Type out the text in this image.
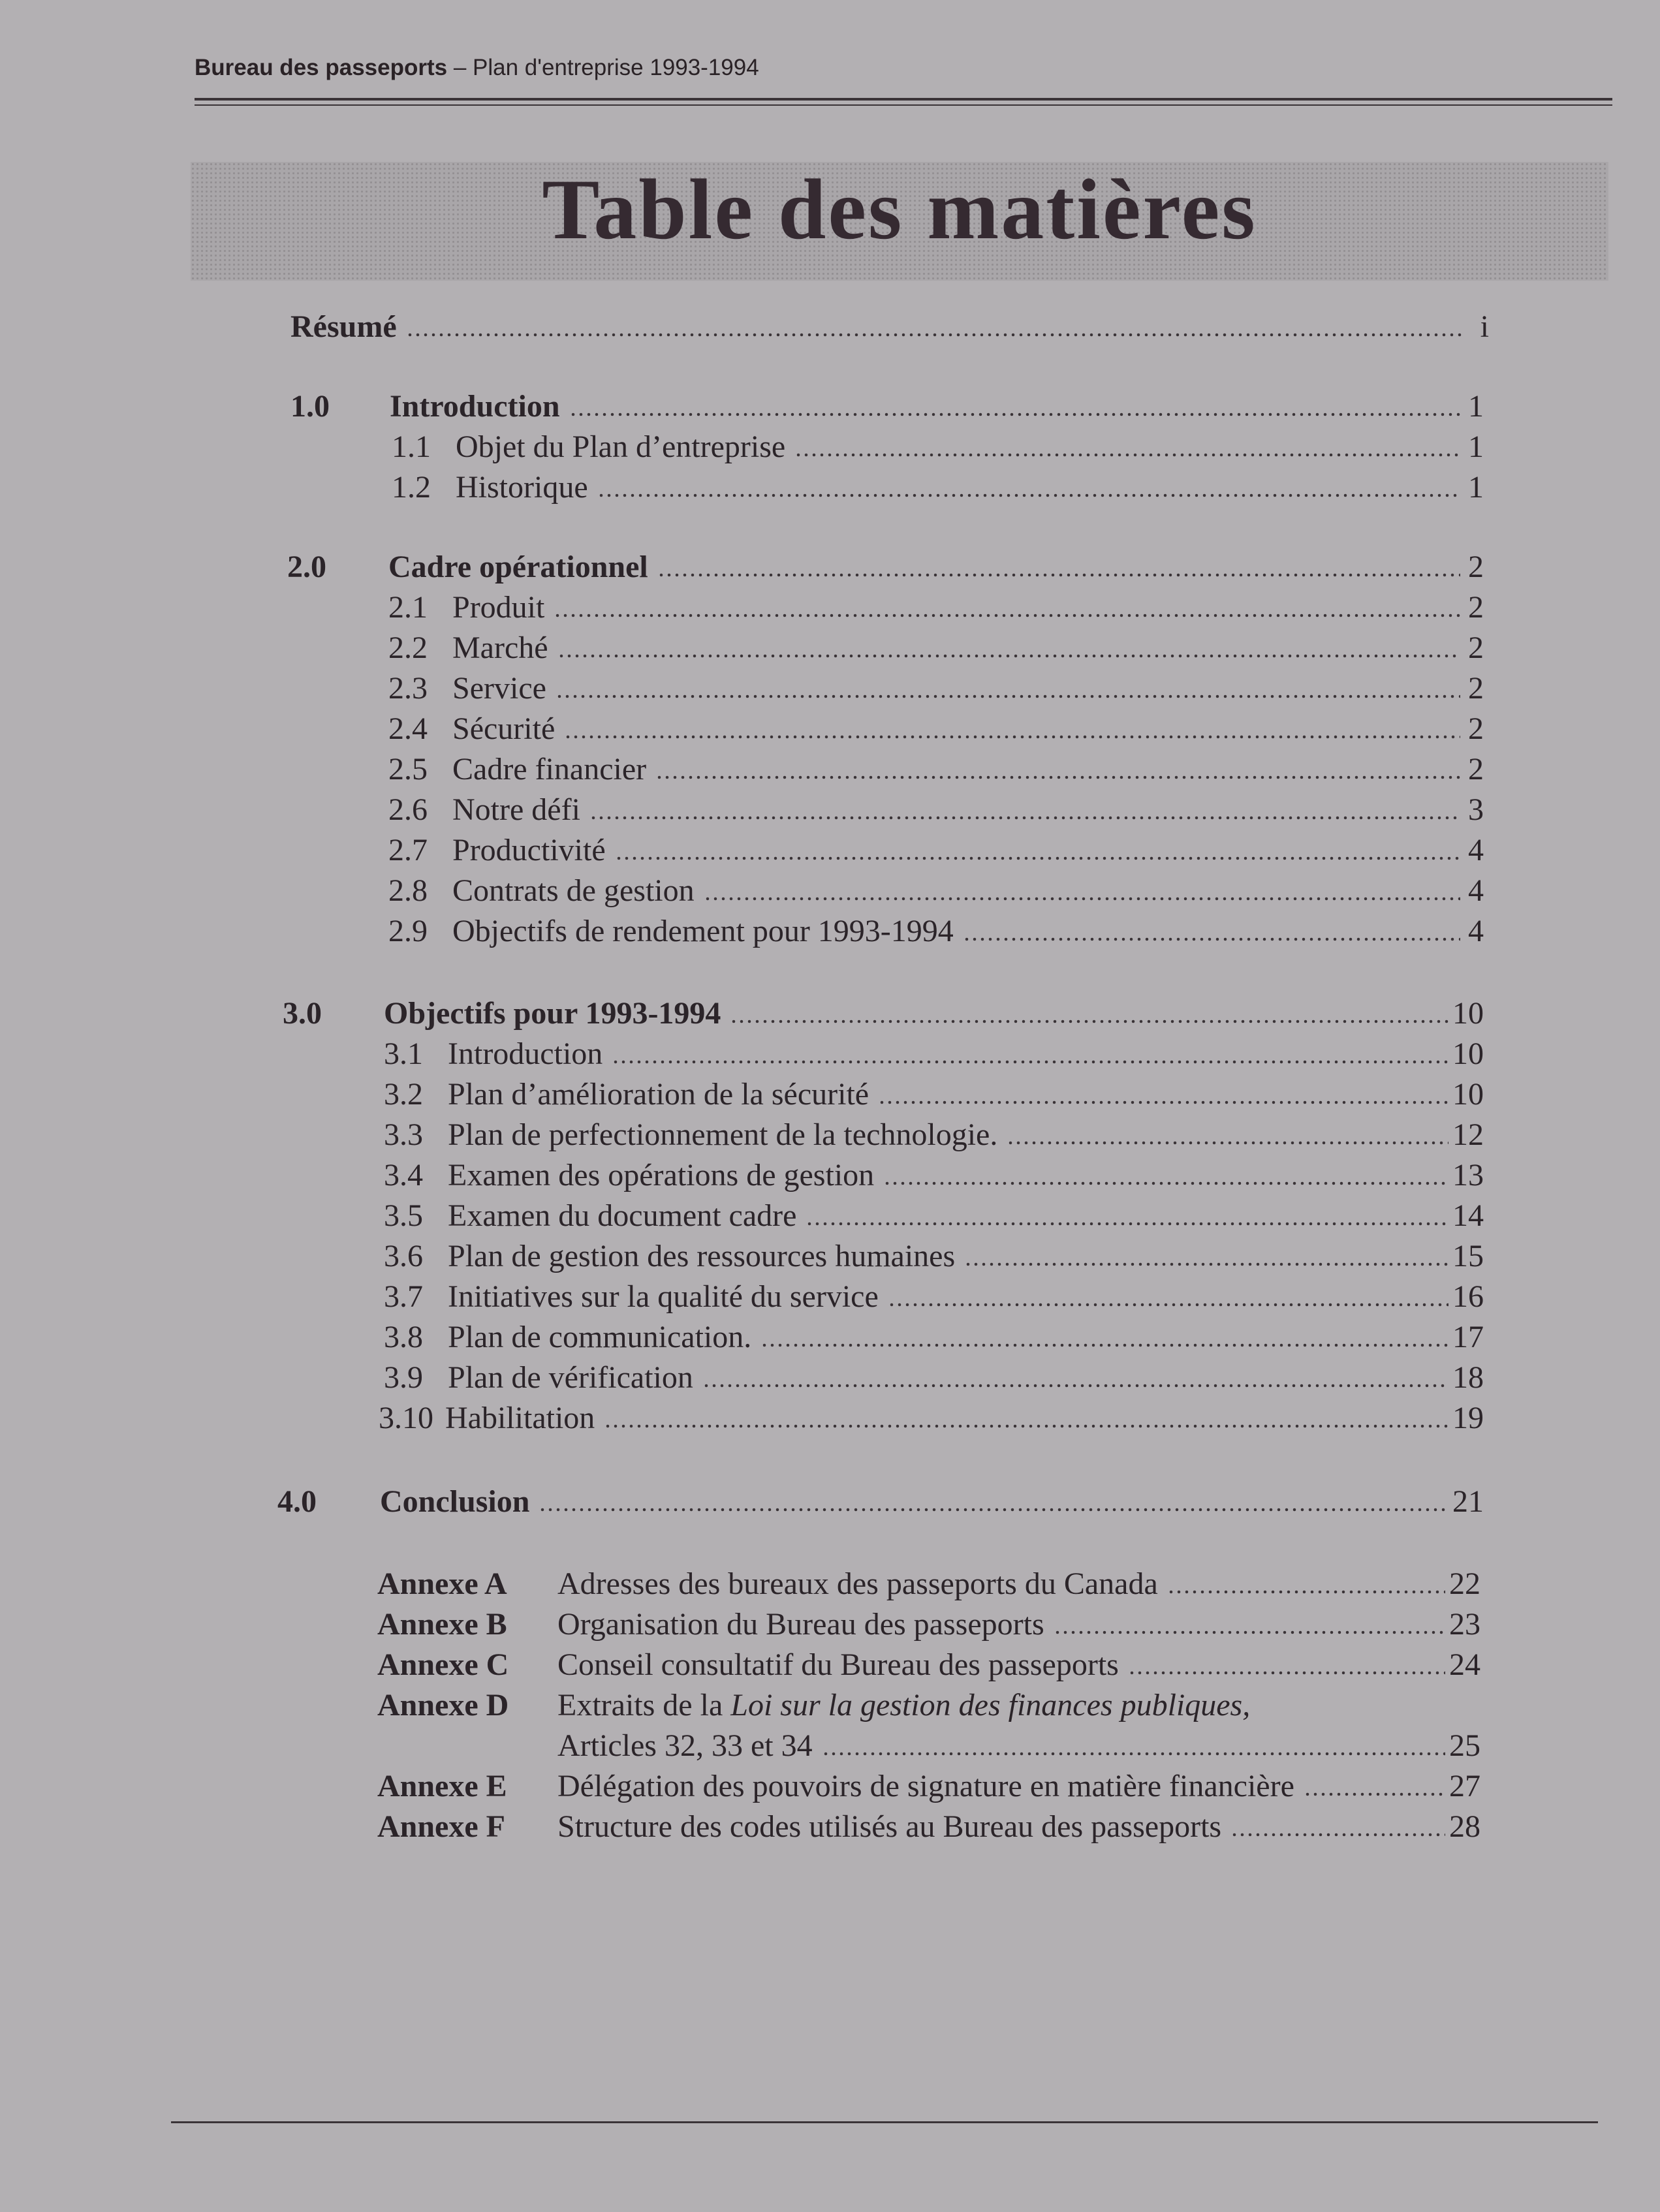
Bureau des passeports – Plan d'entreprise 1993-1994
Table des matières
Résumé	i
1.0	Introduction	1
1.1 Objet du Plan d’entreprise	1
1.2 Historique	1
2.0	Cadre opérationnel	2
2.1 Produit	2
2.2 Marché	2
2.3 Service	2
2.4 Sécurité	2
2.5 Cadre financier	2
2.6 Notre défi	3
2.7 Productivité	4
2.8 Contrats de gestion	4
2.9 Objectifs de rendement pour 1993-1994	4
3.0	Objectifs pour 1993-1994	10
3.1 Introduction	10
3.2 Plan d’amélioration de la sécurité	10
3.3 Plan de perfectionnement de la technologie.	12
3.4 Examen des opérations de gestion	13
3.5 Examen du document cadre	14
3.6 Plan de gestion des ressources humaines	15
3.7 Initiatives sur la qualité du service	16
3.8 Plan de communication.	17
3.9 Plan de vérification	18
3.10 Habilitation	19
4.0	Conclusion	21
Annexe A	Adresses des bureaux des passeports du Canada	22
Annexe B	Organisation du Bureau des passeports	23
Annexe C	Conseil consultatif du Bureau des passeports	24
Annexe D Extraits de la Loi sur la gestion des finances publiques,
Articles 32, 33 et 34	25
Annexe E	Délégation des pouvoirs de signature en matière financière	27
Annexe F	Structure des codes utilisés au Bureau des passeports	28
